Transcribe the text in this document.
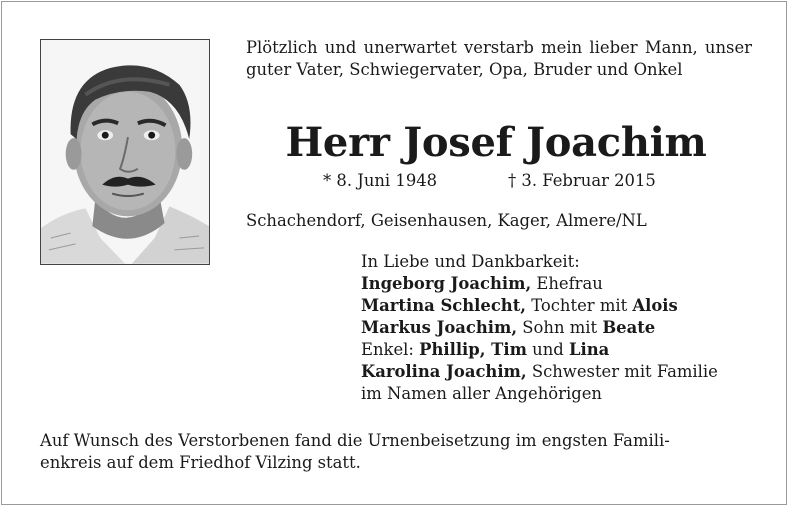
Plötzlich und unerwartet verstarb mein lieber Mann, unser guter Vater, Schwiegervater, Opa, Bruder und Onkel
Herr Josef Joachim
* 8. Juni 1948	† 3. Februar 2015
Schachendorf, Geisenhausen, Kager, Almere/NL
In Liebe und Dankbarkeit:
Ingeborg Joachim, Ehefrau
Martina Schlecht, Tochter mit Alois
Markus Joachim, Sohn mit Beate
Enkel: Phillip, Tim und Lina
Karolina Joachim, Schwester mit Familie
im Namen aller Angehörigen
Auf Wunsch des Verstorbenen fand die Urnenbeisetzung im engsten Famili-
enkreis auf dem Friedhof Vilzing statt.
